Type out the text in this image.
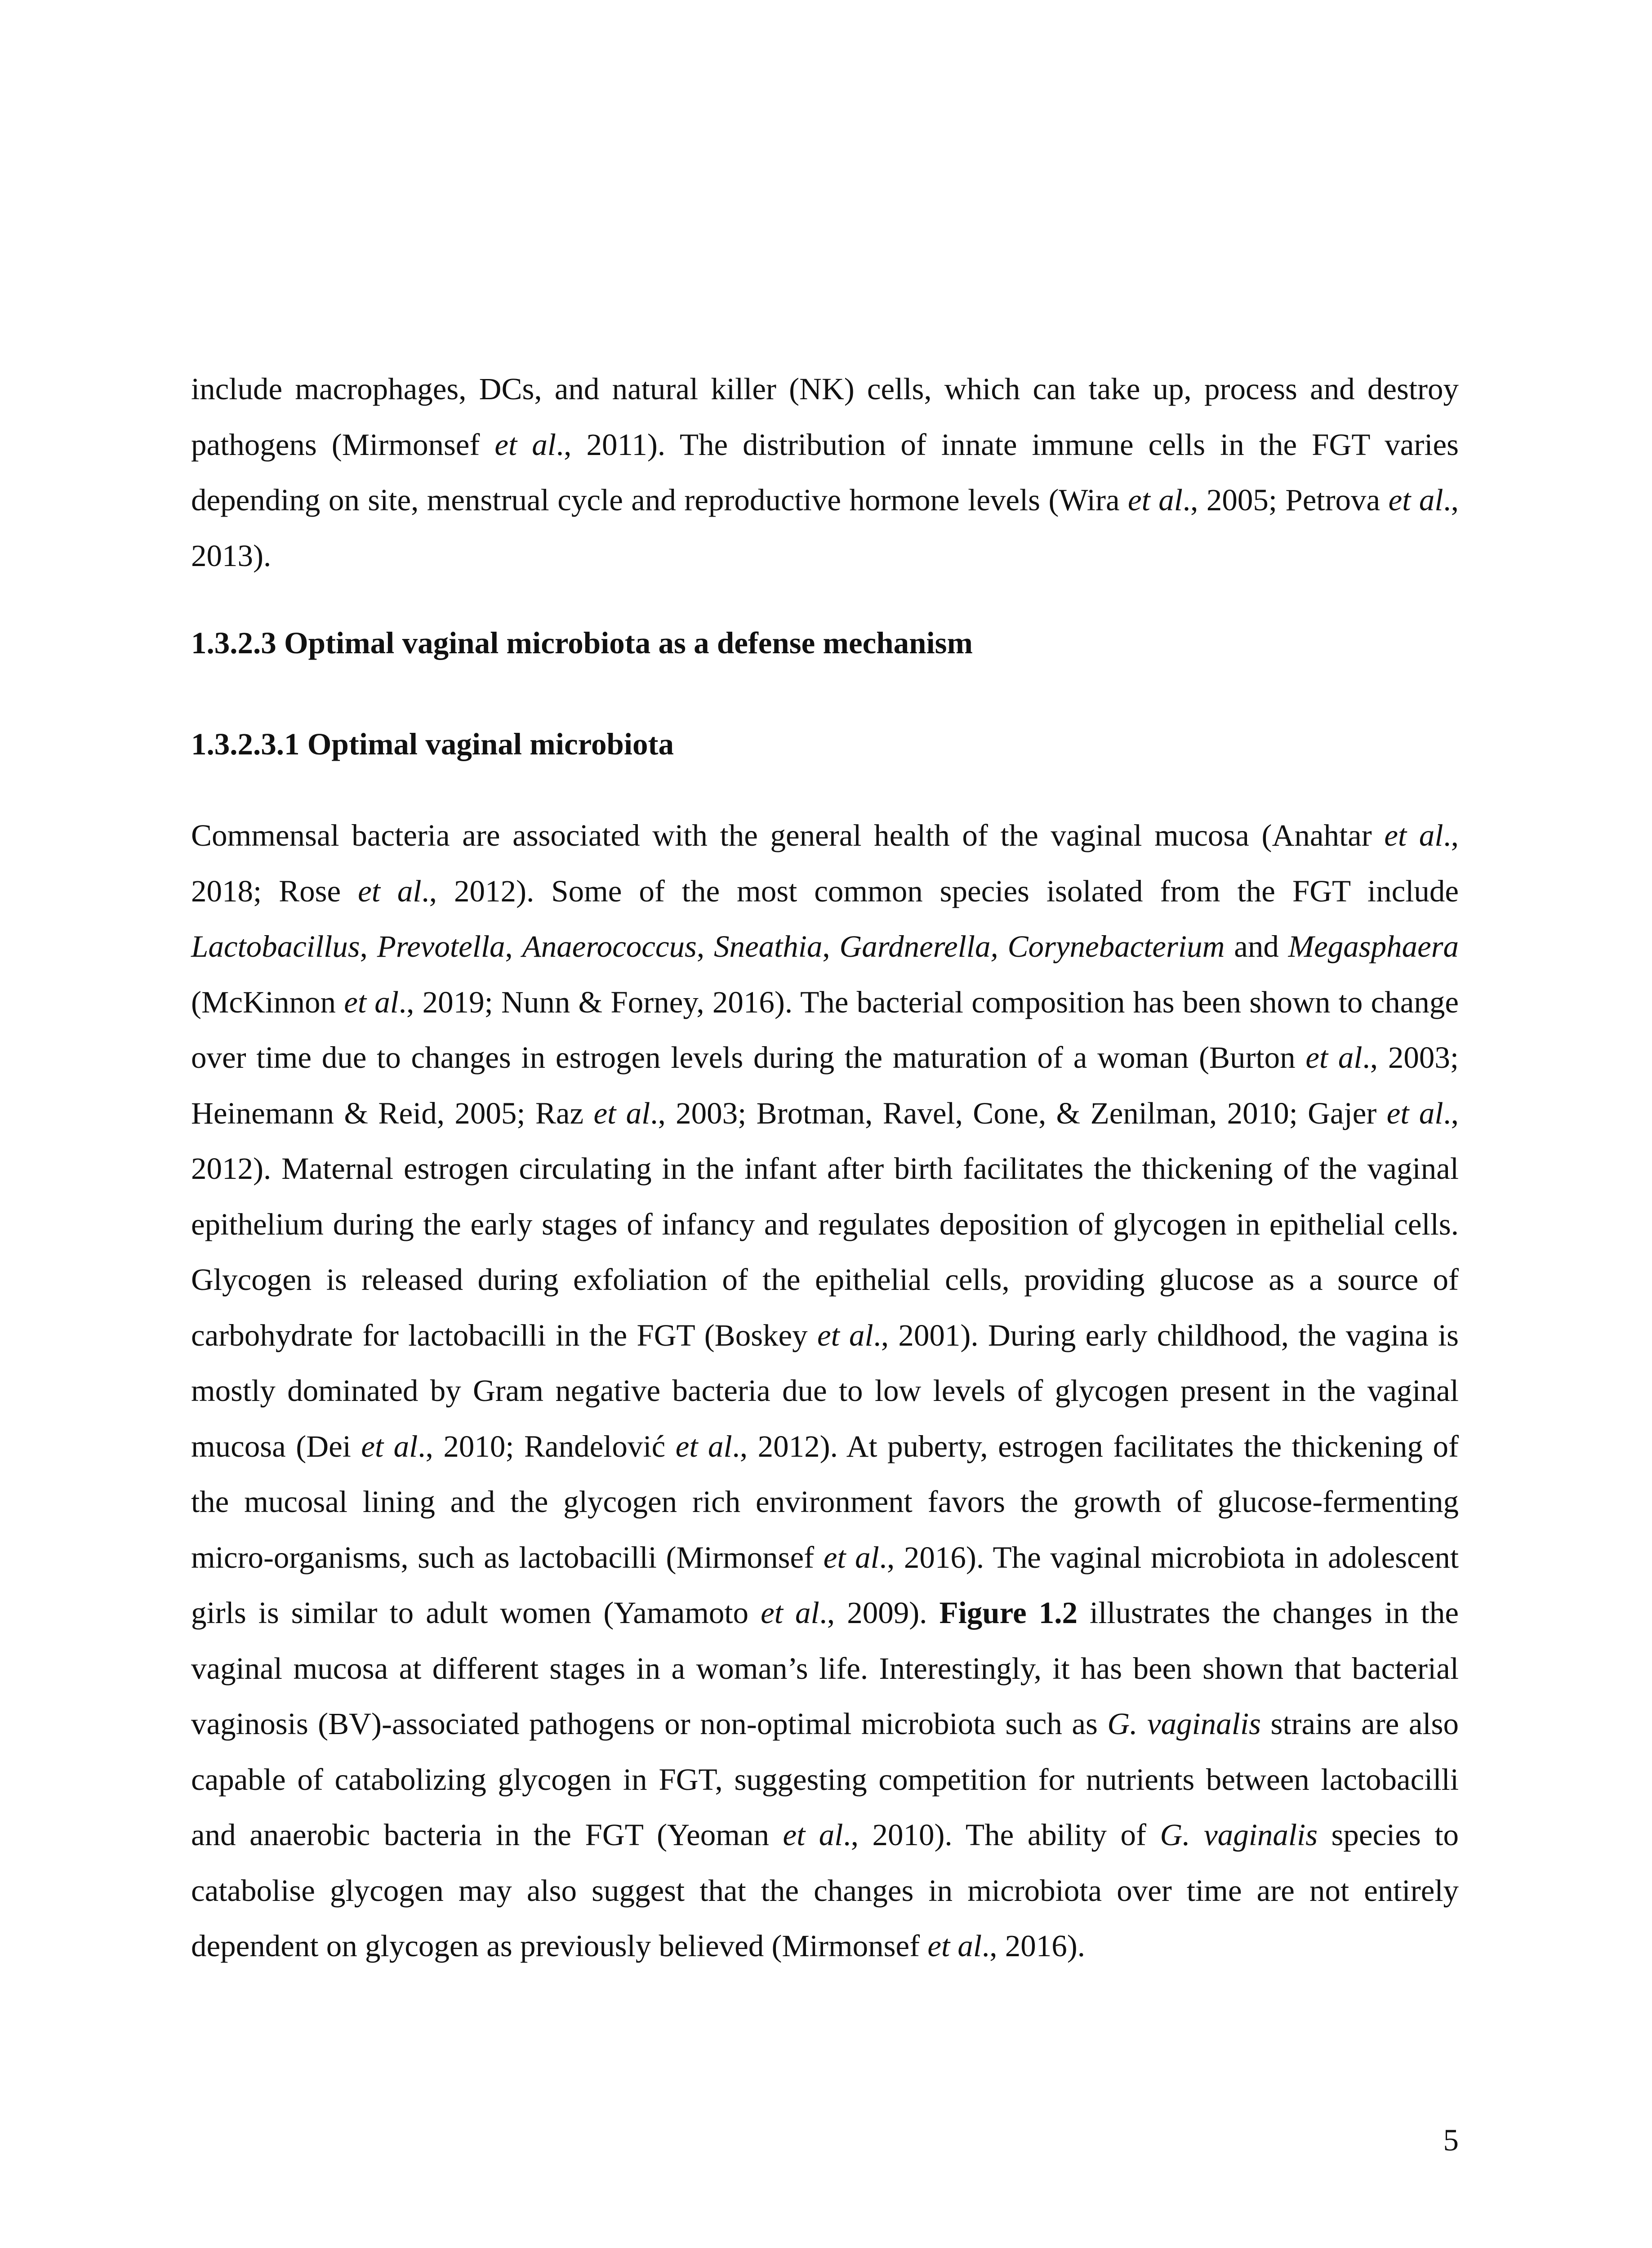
include macrophages, DCs, and natural killer (NK) cells, which can take up, process and destroy pathogens (Mirmonsef et al., 2011). The distribution of innate immune cells in the FGT varies depending on site, menstrual cycle and reproductive hormone levels (Wira et al., 2005; Petrova et al., 2013).

1.3.2.3 Optimal vaginal microbiota as a defense mechanism
1.3.2.3.1 Optimal vaginal microbiota

Commensal bacteria are associated with the general health of the vaginal mucosa (Anahtar et al., 2018; Rose et al., 2012). Some of the most common species isolated from the FGT include Lactobacillus, Prevotella, Anaerococcus, Sneathia, Gardnerella, Corynebacterium and Megasphaera (McKinnon et al., 2019; Nunn & Forney, 2016). The bacterial composition has been shown to change over time due to changes in estrogen levels during the maturation of a woman (Burton et al., 2003; Heinemann & Reid, 2005; Raz et al., 2003; Brotman, Ravel, Cone, & Zenilman, 2010; Gajer et al., 2012). Maternal estrogen circulating in the infant after birth facilitates the thickening of the vaginal epithelium during the early stages of infancy and regulates deposition of glycogen in epithelial cells. Glycogen is released during exfoliation of the epithelial cells, providing glucose as a source of carbohydrate for lactobacilli in the FGT (Boskey et al., 2001). During early childhood, the vagina is mostly dominated by Gram negative bacteria due to low levels of glycogen present in the vaginal mucosa (Dei et al., 2010; Randelović et al., 2012). At puberty, estrogen facilitates the thickening of the mucosal lining and the glycogen rich environment favors the growth of glucose-fermenting micro-organisms, such as lactobacilli (Mirmonsef et al., 2016). The vaginal microbiota in adolescent girls is similar to adult women (Yamamoto et al., 2009). Figure 1.2 illustrates the changes in the vaginal mucosa at different stages in a woman’s life. Interestingly, it has been shown that bacterial vaginosis (BV)-associated pathogens or non-optimal microbiota such as G. vaginalis strains are also capable of catabolizing glycogen in FGT, suggesting competition for nutrients between lactobacilli and anaerobic bacteria in the FGT (Yeoman et al., 2010). The ability of G. vaginalis species to catabolise glycogen may also suggest that the changes in microbiota over time are not entirely dependent on glycogen as previously believed (Mirmonsef et al., 2016).

5
